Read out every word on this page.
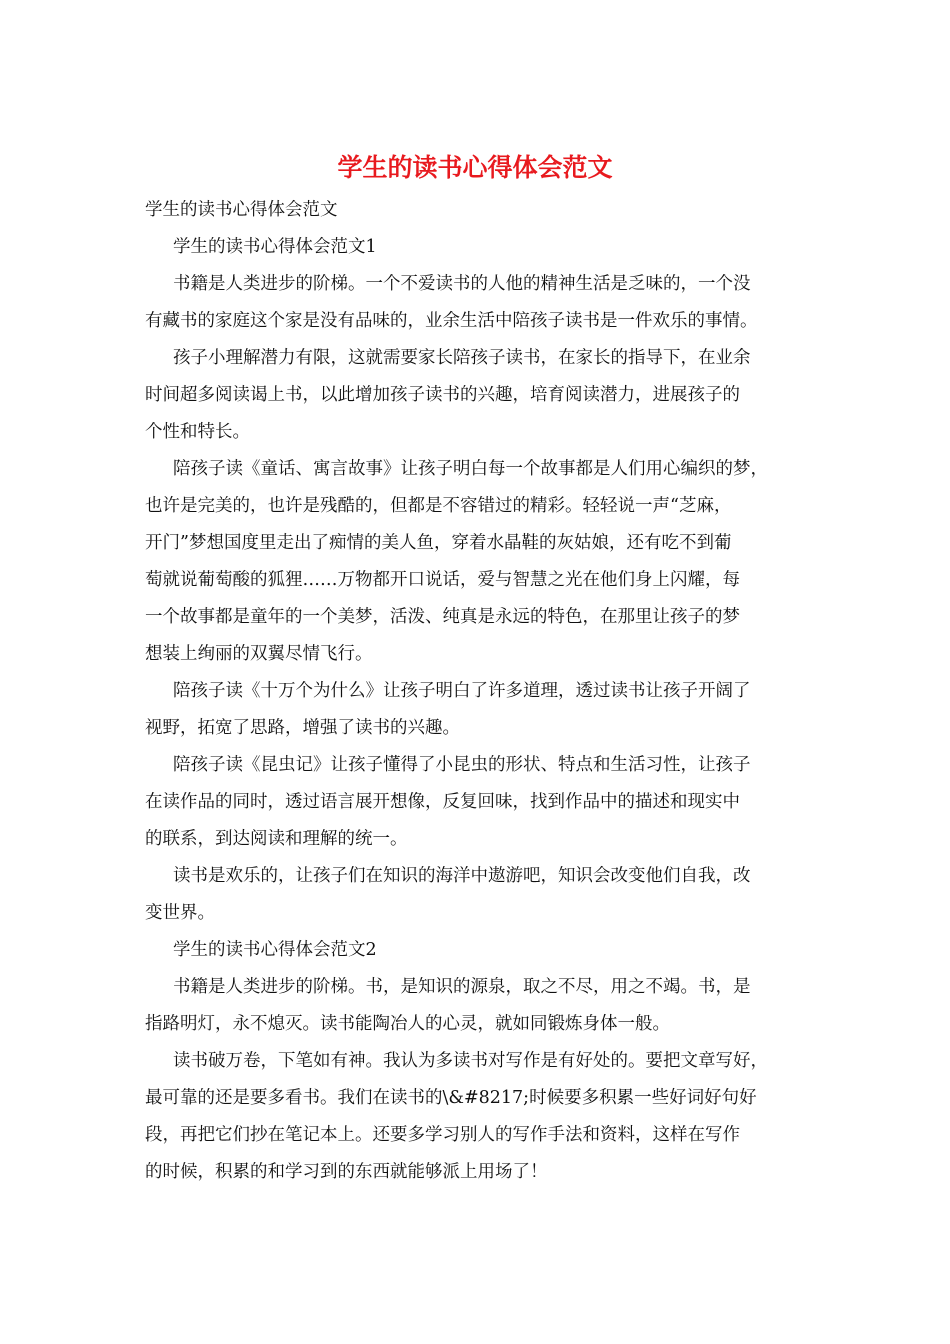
学生的读书心得体会范文
学生的读书心得体会范文
学生的读书心得体会范文1
书籍是人类进步的阶梯。一个不爱读书的人他的精神生活是乏味的，一个没
有藏书的家庭这个家是没有品味的，业余生活中陪孩子读书是一件欢乐的事情。
孩子小理解潜力有限，这就需要家长陪孩子读书，在家长的指导下，在业余
时间超多阅读谒上书，以此增加孩子读书的兴趣，培育阅读潜力，进展孩子的
个性和特长。
陪孩子读《童话、寓言故事》让孩子明白每一个故事都是人们用心编织的梦，
也许是完美的，也许是残酷的，但都是不容错过的精彩。轻轻说一声“芝麻，
开门”梦想国度里走出了痴情的美人鱼，穿着水晶鞋的灰姑娘，还有吃不到葡
萄就说葡萄酸的狐狸……万物都开口说话，爱与智慧之光在他们身上闪耀，每
一个故事都是童年的一个美梦，活泼、纯真是永远的特色，在那里让孩子的梦
想装上绚丽的双翼尽情飞行。
陪孩子读《十万个为什么》让孩子明白了许多道理，透过读书让孩子开阔了
视野，拓宽了思路，增强了读书的兴趣。
陪孩子读《昆虫记》让孩子懂得了小昆虫的形状、特点和生活习性，让孩子
在读作品的同时，透过语言展开想像，反复回味，找到作品中的描述和现实中
的联系，到达阅读和理解的统一。
读书是欢乐的，让孩子们在知识的海洋中遨游吧，知识会改变他们自我，改
变世界。
学生的读书心得体会范文2
书籍是人类进步的阶梯。书，是知识的源泉，取之不尽，用之不竭。书，是
指路明灯，永不熄灭。读书能陶冶人的心灵，就如同锻炼身体一般。
读书破万卷，下笔如有神。我认为多读书对写作是有好处的。要把文章写好，
最可靠的还是要多看书。我们在读书的\&#8217;时候要多积累一些好词好句好
段，再把它们抄在笔记本上。还要多学习别人的写作手法和资料，这样在写作
的时候，积累的和学习到的东西就能够派上用场了！
